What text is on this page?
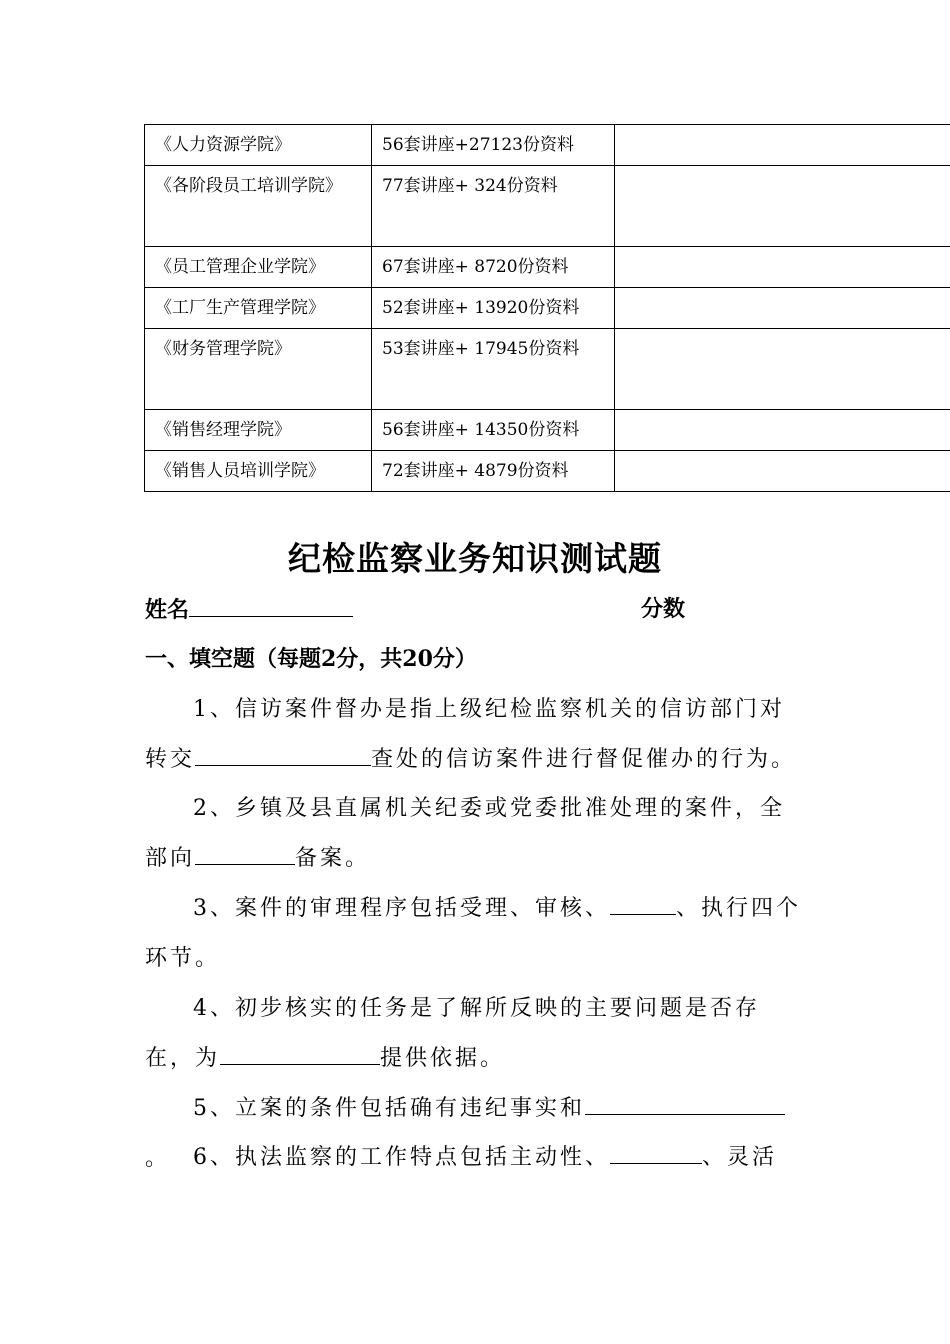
《人力资源学院》	56套讲座+27123份资料	
《各阶段员工培训学院》	77套讲座+ 324份资料	
《员工管理企业学院》	67套讲座+ 8720份资料	
《工厂生产管理学院》	52套讲座+ 13920份资料	
《财务管理学院》	53套讲座+ 17945份资料	
《销售经理学院》	56套讲座+ 14350份资料	
《销售人员培训学院》	72套讲座+ 4879份资料	
纪检监察业务知识测试题
姓名	分数
一、填空题（每题2分，共20分）
1、信访案件督办是指上级纪检监察机关的信访部门对转交	查处的信访案件进行督促催办的行为。
2、乡镇及县直属机关纪委或党委批准处理的案件，全部向	备案。
3、案件的审理程序包括受理、审核、	、执行四个环节。
4、初步核实的任务是了解所反映的主要问题是否存在，为	提供依据。
5、立案的条件包括确有违纪事实和。	6、执法监察的工作特点包括主动性、	、灵活
